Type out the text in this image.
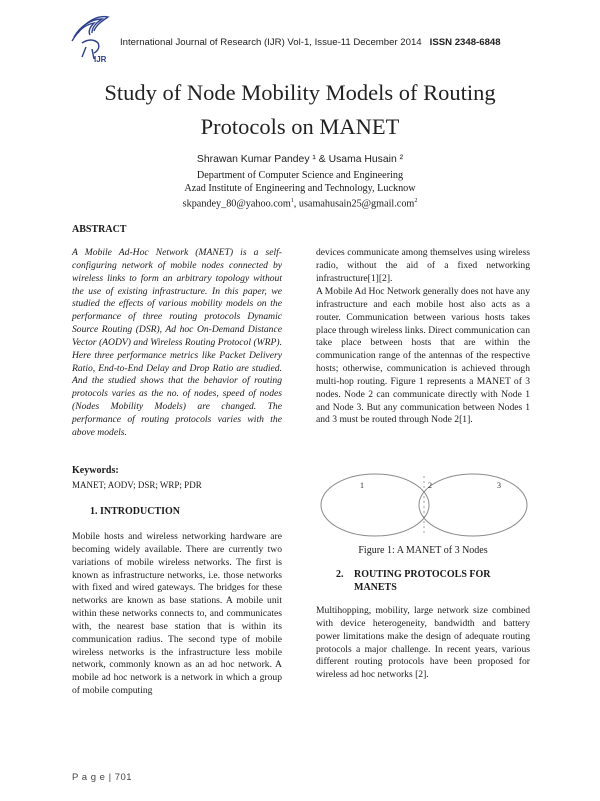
IJR
International Journal of Research (IJR) Vol-1, Issue-11 December 2014 ISSN 2348-6848
Study of Node Mobility Models of Routing
Protocols on MANET
Shrawan Kumar Pandey ¹ & Usama Husain ²
Department of Computer Science and Engineering
Azad Institute of Engineering and Technology, Lucknow
skpandey_80@yahoo.com$^1$, usamahusain25@gmail.com$^2$
ABSTRACT
A Mobile Ad-Hoc Network (MANET) is a self-configuring network of mobile nodes connected by wireless links to form an arbitrary topology without the use of existing infrastructure. In this paper, we studied the effects of various mobility models on the performance of three routing protocols Dynamic Source Routing (DSR), Ad hoc On-Demand Distance Vector (AODV) and Wireless Routing Protocol (WRP). Here three performance metrics like Packet Delivery Ratio, End-to-End Delay and Drop Ratio are studied. And the studied shows that the behavior of routing protocols varies as the no. of nodes, speed of nodes (Nodes Mobility Models) are changed. The performance of routing protocols varies with the above models.
Keywords:
MANET; AODV; DSR; WRP; PDR
1. INTRODUCTION
Mobile hosts and wireless networking hardware are becoming widely available. There are currently two variations of mobile wireless networks. The first is known as infrastructure networks, i.e. those networks with fixed and wired gateways. The bridges for these networks are known as base stations. A mobile unit within these networks connects to, and communicates with, the nearest base station that is within its communication radius. The second type of mobile wireless networks is the infrastructure less mobile network, commonly known as an ad hoc network. A mobile ad hoc network is a network in which a group of mobile computing
devices communicate among themselves using wireless radio, without the aid of a fixed networking infrastructure[1][2].
A Mobile Ad Hoc Network generally does not have any infrastructure and each mobile host also acts as a router. Communication between various hosts takes place through wireless links. Direct communication can take place between hosts that are within the communication range of the antennas of the respective hosts; otherwise, communication is achieved through multi-hop routing. Figure 1 represents a MANET of 3 nodes. Node 2 can communicate directly with Node 1 and Node 3. But any communication between Nodes 1 and 3 must be routed through Node 2[1].
1	2	3
Figure 1: A MANET of 3 Nodes
2. ROUTING PROTOCOLS FOR
MANETS
Multihopping, mobility, large network size combined with device heterogeneity, bandwidth and battery power limitations make the design of adequate routing protocols a major challenge. In recent years, various different routing protocols have been proposed for wireless ad hoc networks [2].
P a g e | 701
